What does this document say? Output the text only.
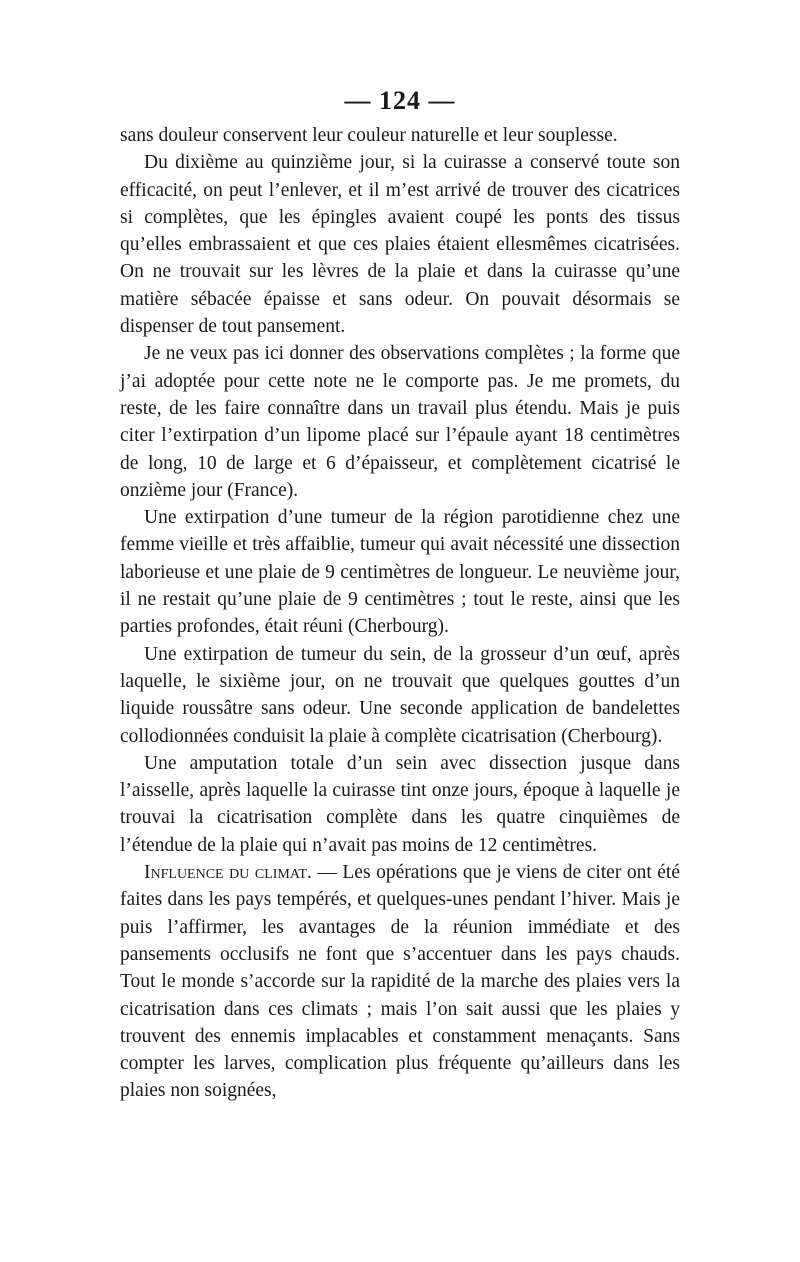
— 124 —

sans douleur conservent leur couleur naturelle et leur souplesse.

Du dixième au quinzième jour, si la cuirasse a conservé toute son efficacité, on peut l’enlever, et il m’est arrivé de trouver des cicatrices si complètes, que les épingles avaient coupé les ponts des tissus qu’elles embrassaient et que ces plaies étaient ellesmêmes cicatrisées. On ne trouvait sur les lèvres de la plaie et dans la cuirasse qu’une matière sébacée épaisse et sans odeur. On pouvait désormais se dispenser de tout pansement.

Je ne veux pas ici donner des observations complètes ; la forme que j’ai adoptée pour cette note ne le comporte pas. Je me promets, du reste, de les faire connaître dans un travail plus étendu. Mais je puis citer l’extirpation d’un lipome placé sur l’épaule ayant 18 centimètres de long, 10 de large et 6 d’épaisseur, et complètement cicatrisé le onzième jour (France).

Une extirpation d’une tumeur de la région parotidienne chez une femme vieille et très affaiblie, tumeur qui avait nécessité une dissection laborieuse et une plaie de 9 centimètres de longueur. Le neuvième jour, il ne restait qu’une plaie de 9 centimètres ; tout le reste, ainsi que les parties profondes, était réuni (Cherbourg).

Une extirpation de tumeur du sein, de la grosseur d’un œuf, après laquelle, le sixième jour, on ne trouvait que quelques gouttes d’un liquide roussâtre sans odeur. Une seconde application de bandelettes collodionnées conduisit la plaie à complète cicatrisation (Cherbourg).

Une amputation totale d’un sein avec dissection jusque dans l’aisselle, après laquelle la cuirasse tint onze jours, époque à laquelle je trouvai la cicatrisation complète dans les quatre cinquièmes de l’étendue de la plaie qui n’avait pas moins de 12 centimètres.

Influence du climat. — Les opérations que je viens de citer ont été faites dans les pays tempérés, et quelques-unes pendant l’hiver. Mais je puis l’affirmer, les avantages de la réunion immédiate et des pansements occlusifs ne font que s’accentuer dans les pays chauds. Tout le monde s’accorde sur la rapidité de la marche des plaies vers la cicatrisation dans ces climats ; mais l’on sait aussi que les plaies y trouvent des ennemis implacables et constamment menaçants. Sans compter les larves, complication plus fréquente qu’ailleurs dans les plaies non soignées,
